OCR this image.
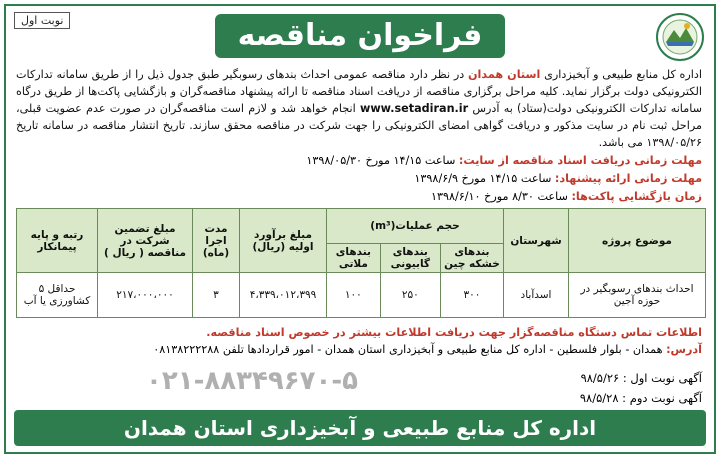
فراخوان مناقصه
نوبت اول
اداره کل منابع طبیعی و آبخیزداری استان همدان در نظر دارد مناقصه عمومی احداث بندهای رسوبگیر طبق جدول ذیل را از طریق سامانه تدارکات الکترونیکی دولت برگزار نماید. کلیه مراحل برگزاری مناقصه از دریافت اسناد مناقصه تا ارائه پیشنهاد مناقصه‌گران و بازگشایی پاکت‌ها از طریق درگاه سامانه تدارکات الکترونیکی دولت(ستاد) به آدرس www.setadiran.ir انجام خواهد شد و لازم است مناقصه‌گران در صورت عدم عضویت قبلی، مراحل ثبت نام در سایت مذکور و دریافت گواهی امضای الکترونیکی را جهت شرکت در مناقصه محقق سازند. تاریخ انتشار مناقصه در سامانه تاریخ ۱۳۹۸/۰۵/۲۶ می باشد.
مهلت زمانی دریافت اسناد مناقصه از سایت: ساعت ۱۴/۱۵ مورخ ۱۳۹۸/۰۵/۳۰
مهلت زمانی ارائه پیشنهاد: ساعت ۱۴/۱۵ مورخ ۱۳۹۸/۶/۹
زمان بازگشایی پاکت‌ها: ساعت ۸/۳۰ مورخ ۱۳۹۸/۶/۱۰
موضوع پروژه	شهرستان	حجم عملیات(m³)			مبلغ برآورد اولیه (ریال)	مدت اجرا (ماه)	مبلغ تضمین شرکت در مناقصه ( ریال )	رتبه و پایه پیمانکار
		بندهای خشکه چین	بندهای گابیونی	بندهای ملاتی				
احداث بندهای رسوبگیر در حوزه آجین	اسدآباد	۳۰۰	۲۵۰	۱۰۰	۴،۳۳۹،۰۱۲،۳۹۹	۳	۲۱۷،۰۰۰،۰۰۰	حداقل ۵ کشاورزی یا آب
اطلاعات تماس دستگاه مناقصه‌گزار جهت دریافت اطلاعات بیشتر در خصوص اسناد مناقصه.
آدرس: همدان - بلوار فلسطین - اداره کل منابع طبیعی و آبخیزداری استان همدان - امور قراردادها تلفن ۰۸۱۳۸۲۲۲۲۸۸
۰۲۱-۸۸۳۴۹۶۷۰-۵	آگهی نوبت اول : ۹۸/۵/۲۶
آگهی نوبت دوم : ۹۸/۵/۲۸
اداره کل منابع طبیعی و آبخیزداری استان همدان
